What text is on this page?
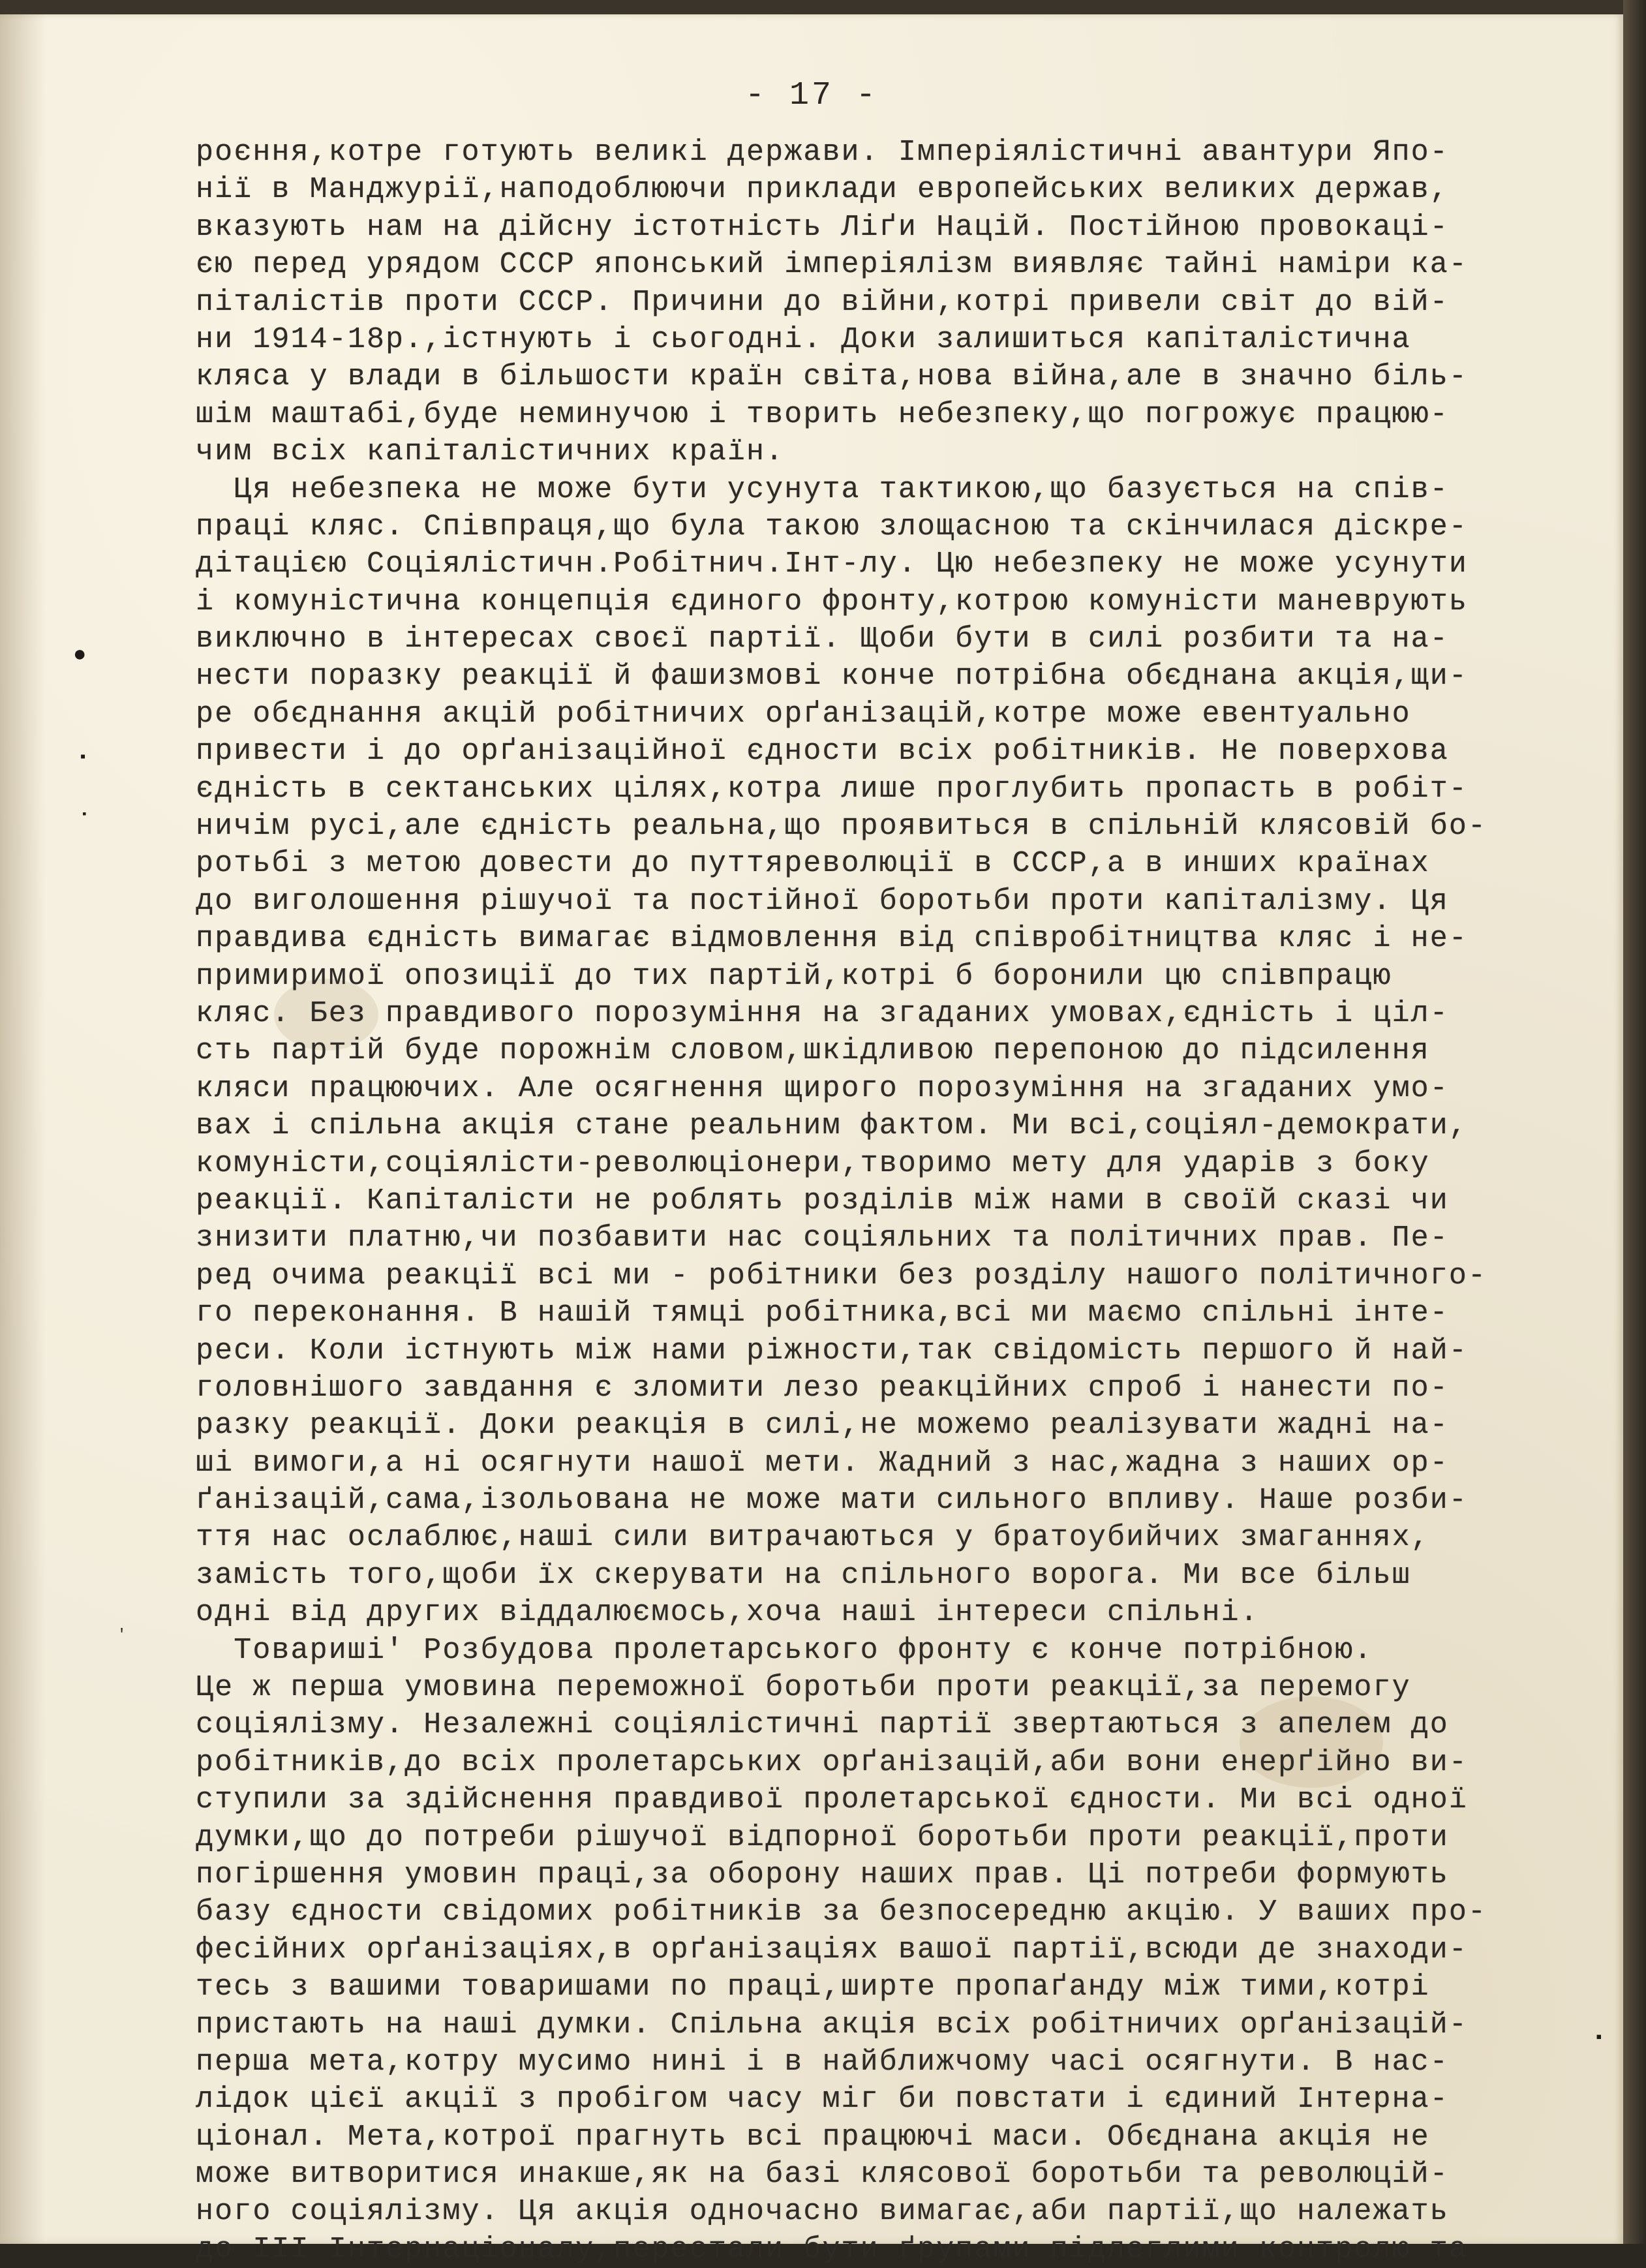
- 17 -
роєння,котре готують великі держави. Імперіялістичні авантури Япо-
нії в Манджурії,наподоблюючи приклади европейських великих держав,
вказують нам на дійсну істотність Ліґи Націй. Постійною провокаці-
єю перед урядом СССР японський імперіялізм виявляє тайні наміри ка-
піталістів проти СССР. Причини до війни,котрі привели світ до вій-
ни 1914-18р.,істнують і сьогодні. Доки залишиться капіталістична
кляса у влади в більшости країн світа,нова війна,але в значно біль-
шім маштабі,буде неминучою і творить небезпеку,що погрожує працюю-
чим всіх капіталістичних країн.
Ця небезпека не може бути усунута тактикою,що базується на спів-
праці кляс. Співпраця,що була такою злощасною та скінчилася діскре-
дітацією Соціялістичн.Робітнич.Інт-лу. Цю небезпеку не може усунути
і комуністична концепція єдиного фронту,котрою комуністи маневрують
виключно в інтересах своєї партії. Щоби бути в силі розбити та на-
нести поразку реакції й фашизмові конче потрібна обєднана акція,щи-
ре обєднання акцій робітничих орґанізацій,котре може евентуально
привести і до орґанізаційної єдности всіх робітників. Не поверхова
єдність в сектанських цілях,котра лише проглубить пропасть в робіт-
ничім русі,але єдність реальна,що проявиться в спільній клясовій бо-
ротьбі з метою довести до путтяреволюції в СССР,а в инших країнах
до виголошення рішучої та постійної боротьби проти капіталізму. Ця
правдива єдність вимагає відмовлення від співробітництва кляс і не-
примиримої опозиції до тих партій,котрі б боронили цю співпрацю
кляс. Без правдивого порозуміння на згаданих умовах,єдність і ціл-
сть партій буде порожнім словом,шкідливою перепоною до підсилення
кляси працюючих. Але осягнення щирого порозуміння на згаданих умо-
вах і спільна акція стане реальним фактом. Ми всі,соціял-демократи,
комуністи,соціялісти-революціонери,творимо мету для ударів з боку
реакції. Капіталісти не роблять розділів між нами в своїй сказі чи
знизити платню,чи позбавити нас соціяльних та політичних прав. Пе-
ред очима реакції всі ми - робітники без розділу нашого політичного-
го переконання. В нашій тямці робітника,всі ми маємо спільні інте-
реси. Коли істнують між нами ріжности,так свідомість першого й най-
головнішого завдання є зломити лезо реакційних спроб і нанести по-
разку реакції. Доки реакція в силі,не можемо реалізувати жадні на-
ші вимоги,а ні осягнути нашої мети. Жадний з нас,жадна з наших ор-
ґанізацій,сама,ізольована не може мати сильного впливу. Наше розби-
ття нас ослаблює,наші сили витрачаються у братоубийчих змаганнях,
замість того,щоби їх скерувати на спільного ворога. Ми все більш
одні від других віддалюємось,хоча наші інтереси спільні.
Товариші' Розбудова пролетарського фронту є конче потрібною.
Це ж перша умовина переможної боротьби проти реакції,за перемогу
соціялізму. Незалежні соціялістичні партії звертаються з апелем до
робітників,до всіх пролетарських орґанізацій,аби вони енерґійно ви-
ступили за здійснення правдивої пролетарської єдности. Ми всі одної
думки,що до потреби рішучої відпорної боротьби проти реакції,проти
погіршення умовин праці,за оборону наших прав. Ці потреби формують
базу єдности свідомих робітників за безпосередню акцію. У ваших про-
фесійних орґанізаціях,в орґанізаціях вашої партії,всюди де знаходи-
тесь з вашими товаришами по праці,ширте пропаґанду між тими,котрі
пристають на наші думки. Спільна акція всіх робітничих орґанізацій-
перша мета,котру мусимо нині і в найближчому часі осягнути. В нас-
лідок цієї акції з пробігом часу міг би повстати і єдиний Інтерна-
ціонал. Мета,котрої прагнуть всі працюючі маси. Обєднана акція не
може витворитися инакше,як на базі клясової боротьби та революцій-
ного соціялізму. Ця акція одночасно вимагає,аби партії,що належать
до III Інтернаціоналу,перестали бути ґрупами підлеглими контролю та
●
▪
▪
'
▪
